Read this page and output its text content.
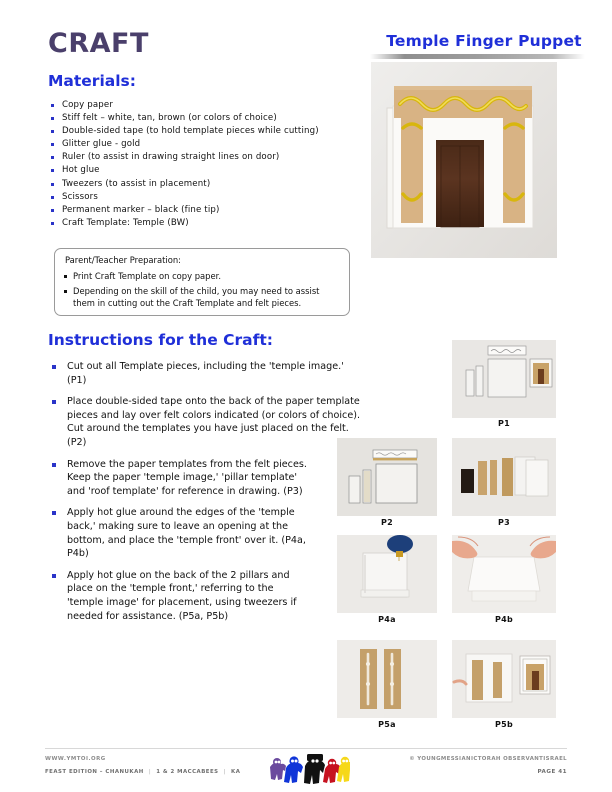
CRAFT	Temple Finger Puppet
Materials:
Copy paper
Stiff felt – white, tan, brown (or colors of choice)
Double-sided tape (to hold template pieces while cutting)
Glitter glue - gold
Ruler (to assist in drawing straight lines on door)
Hot glue
Tweezers (to assist in placement)
Scissors
Permanent marker – black (fine tip)
Craft Template: Temple (BW)
Parent/Teacher Preparation:
Print Craft Template on copy paper.
Depending on the skill of the child, you may need to assist them in cutting out the Craft Template and felt pieces.
Instructions for the Craft:
Cut out all Template pieces, including the 'temple image.' (P1)
Place double-sided tape onto the back of the paper template pieces and lay over felt colors indicated (or colors of choice). Cut around the templates you have just placed on the felt. (P2)
Remove the paper templates from the felt pieces. Keep the paper 'temple image,' 'pillar template' and 'roof template' for reference in drawing. (P3)
Apply hot glue around the edges of the 'temple back,' making sure to leave an opening at the bottom, and place the 'temple front' over it. (P4a, P4b)
Apply hot glue on the back of the 2 pillars and place on the 'temple front,' referring to the 'temple image' for placement, using tweezers if needed for assistance. (P5a, P5b)
P1
P2	P3
P4a	P4b
P5a	P5b
WWW.YMTOI.ORG
FEAST EDITION – CHANUKAH | 1 & 2 MACCABEES | KA
© YOUNGMESSIANICTORAH OBSERVANTISRAEL
PAGE 41
